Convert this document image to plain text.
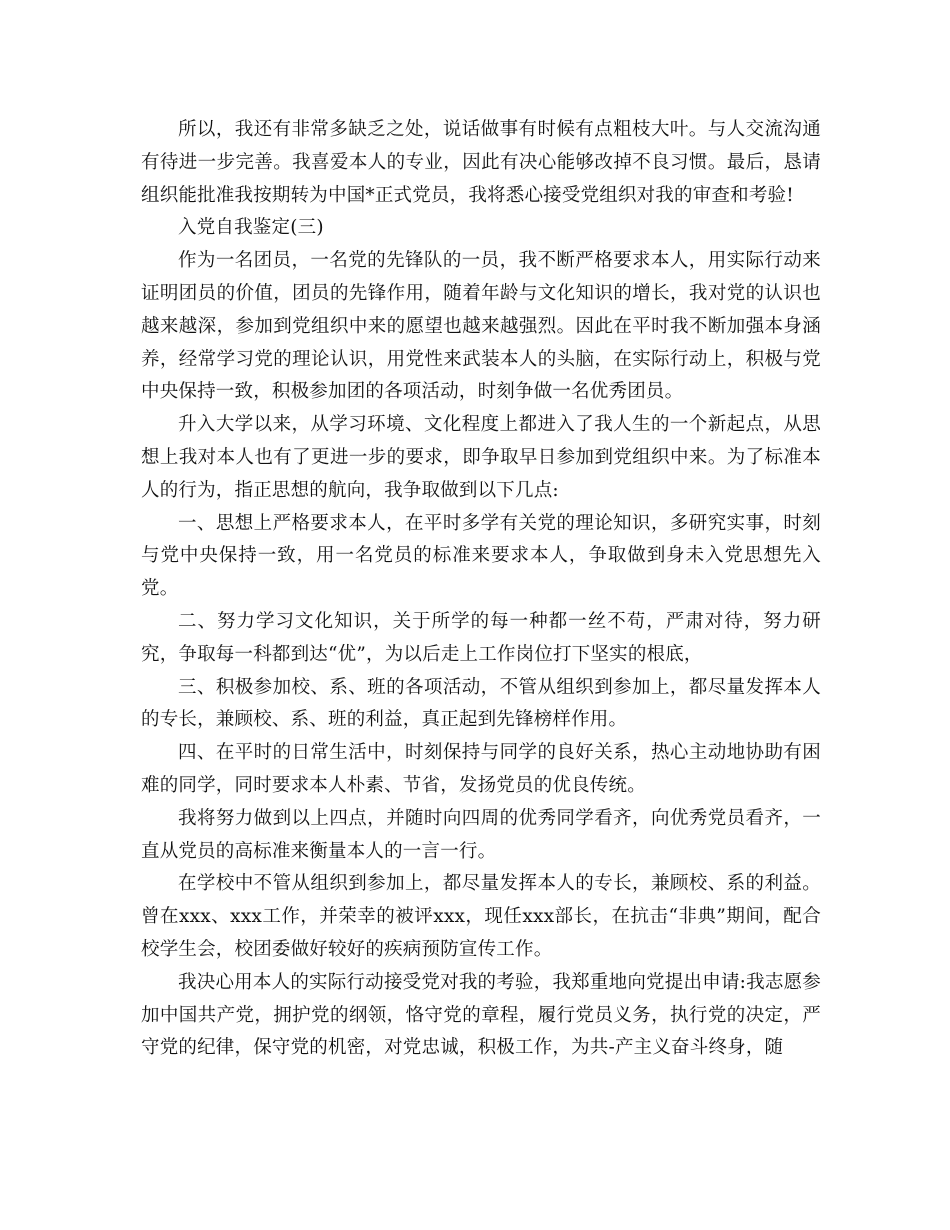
所以，我还有非常多缺乏之处，说话做事有时候有点粗枝大叶。与人交流沟通有待进一步完善。我喜爱本人的专业，因此有决心能够改掉不良习惯。最后，恳请组织能批准我按期转为中国*正式党员，我将悉心接受党组织对我的审查和考验!

入党自我鉴定(三)

作为一名团员，一名党的先锋队的一员，我不断严格要求本人，用实际行动来证明团员的价值，团员的先锋作用，随着年龄与文化知识的增长，我对党的认识也越来越深，参加到党组织中来的愿望也越来越强烈。因此在平时我不断加强本身涵养，经常学习党的理论认识，用党性来武装本人的头脑，在实际行动上，积极与党中央保持一致，积极参加团的各项活动，时刻争做一名优秀团员。

升入大学以来，从学习环境、文化程度上都进入了我人生的一个新起点，从思想上我对本人也有了更进一步的要求，即争取早日参加到党组织中来。为了标准本人的行为，指正思想的航向，我争取做到以下几点:

一、思想上严格要求本人，在平时多学有关党的理论知识，多研究实事，时刻与党中央保持一致，用一名党员的标准来要求本人，争取做到身未入党思想先入党。

二、努力学习文化知识，关于所学的每一种都一丝不苟，严肃对待，努力研究，争取每一科都到达“优”，为以后走上工作岗位打下坚实的根底，

三、积极参加校、系、班的各项活动，不管从组织到参加上，都尽量发挥本人的专长，兼顾校、系、班的利益，真正起到先锋榜样作用。

四、在平时的日常生活中，时刻保持与同学的良好关系，热心主动地协助有困难的同学，同时要求本人朴素、节省，发扬党员的优良传统。

我将努力做到以上四点，并随时向四周的优秀同学看齐，向优秀党员看齐，一直从党员的高标准来衡量本人的一言一行。

在学校中不管从组织到参加上，都尽量发挥本人的专长，兼顾校、系的利益。曾在xxx、xxx工作，并荣幸的被评xxx，现任xxx部长，在抗击“非典”期间，配合校学生会，校团委做好较好的疾病预防宣传工作。

我决心用本人的实际行动接受党对我的考验，我郑重地向党提出申请:我志愿参加中国共产党，拥护党的纲领，恪守党的章程，履行党员义务，执行党的决定，严守党的纪律，保守党的机密，对党忠诚，积极工作，为共-产主义奋斗终身，随
